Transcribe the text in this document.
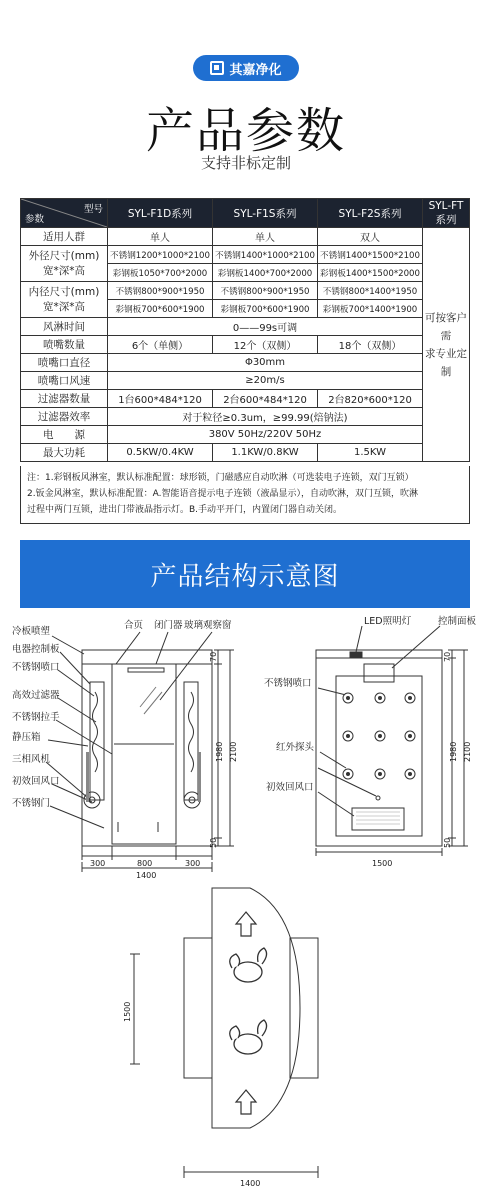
其嘉净化
产品参数
支持非标定制
型号
参数	SYL-F1D系列	SYL-F1S系列	SYL-F2S系列	SYL-FT系列
适用人群	单人	单人	双人	可按客户需
求专业定制

外径尺寸(mm)
宽*深*高	不锈钢1200*1000*2100	不锈钢1400*1000*2100	不锈钢1400*1500*2100	
	彩钢板1050*700*2000	彩钢板1400*700*2000	彩钢板1400*1500*2000	

内径尺寸(mm)
宽*深*高	不锈钢800*900*1950	不锈钢800*900*1950	不锈钢800*1400*1950	
	彩钢板700*600*1900	彩钢板700*600*1900	彩钢板700*1400*1900	
风淋时间	0——99s可调			
喷嘴数量	6个（单侧）	12个（双侧）	18个（双侧）	
喷嘴口直径	Φ30mm			
喷嘴口风速	≥20m/s			
过滤器数量	1台600*484*120	2台600*484*120	2台820*600*120	
过滤器效率	对于粒径≥0.3um，≥99.99(焙钠法)			
电　　源	380V 50Hz/220V 50Hz			
最大功耗	0.5KW/0.4KW	1.1KW/0.8KW	1.5KW	
注：1.彩钢板风淋室，默认标准配置：球形锁，门磁感应自动吹淋（可选装电子连锁，双门互锁）
2.钣金风淋室，默认标准配置：A.智能语音提示电子连锁（液晶显示），自动吹淋，双门互锁，吹淋
过程中两门互锁，进出门带液晶指示灯。B.手动平开门，内置闭门器自动关闭。
产品结构示意图
冷板喷塑
电器控制板
不锈钢喷口
高效过滤器
不锈钢拉手
静压箱
三相风机
初效回风口
不锈钢门
合页 闭门器 玻璃观察窗
300	800	300
1400
70
1980 2100
50
LED照明灯	控制面板
不锈钢喷口
红外探头
初效回风口
1500
70
1980 2100
50
1500
1400
